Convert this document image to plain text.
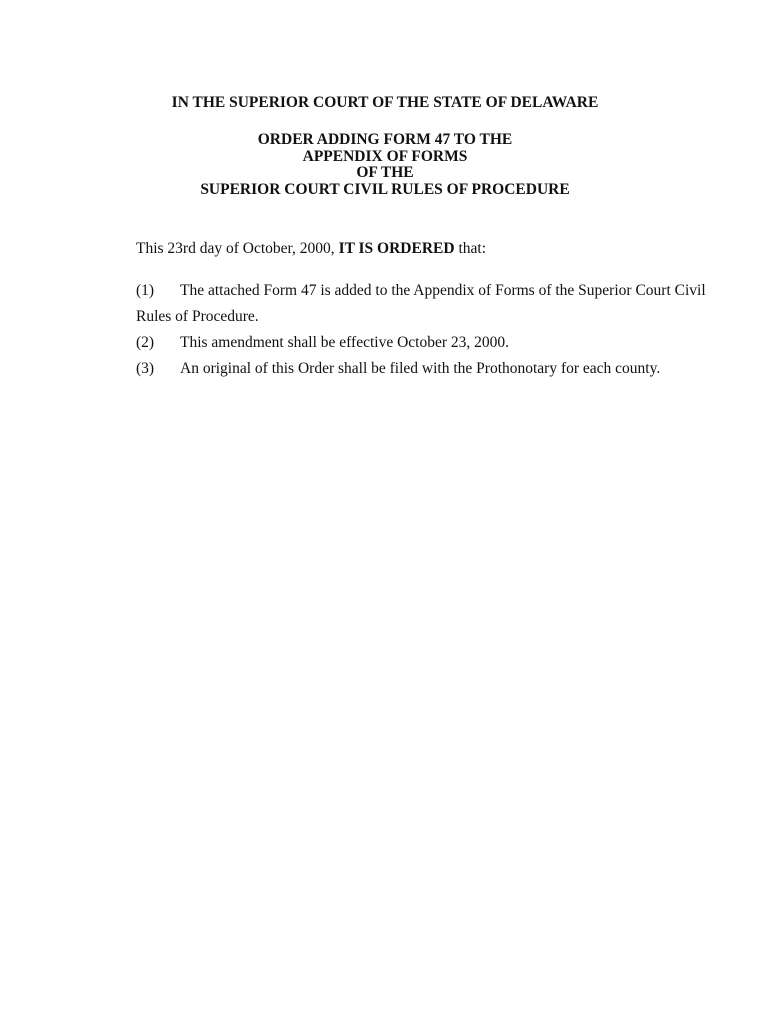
IN THE SUPERIOR COURT OF THE STATE OF DELAWARE
ORDER ADDING FORM 47 TO THE
APPENDIX OF FORMS
OF THE
SUPERIOR COURT CIVIL RULES OF PROCEDURE
This 23rd day of October, 2000, IT IS ORDERED that:
(1) The attached Form 47 is added to the Appendix of Forms of the Superior Court Civil
Rules of Procedure.
(2) This amendment shall be effective October 23, 2000.
(3) An original of this Order shall be filed with the Prothonotary for each county.
